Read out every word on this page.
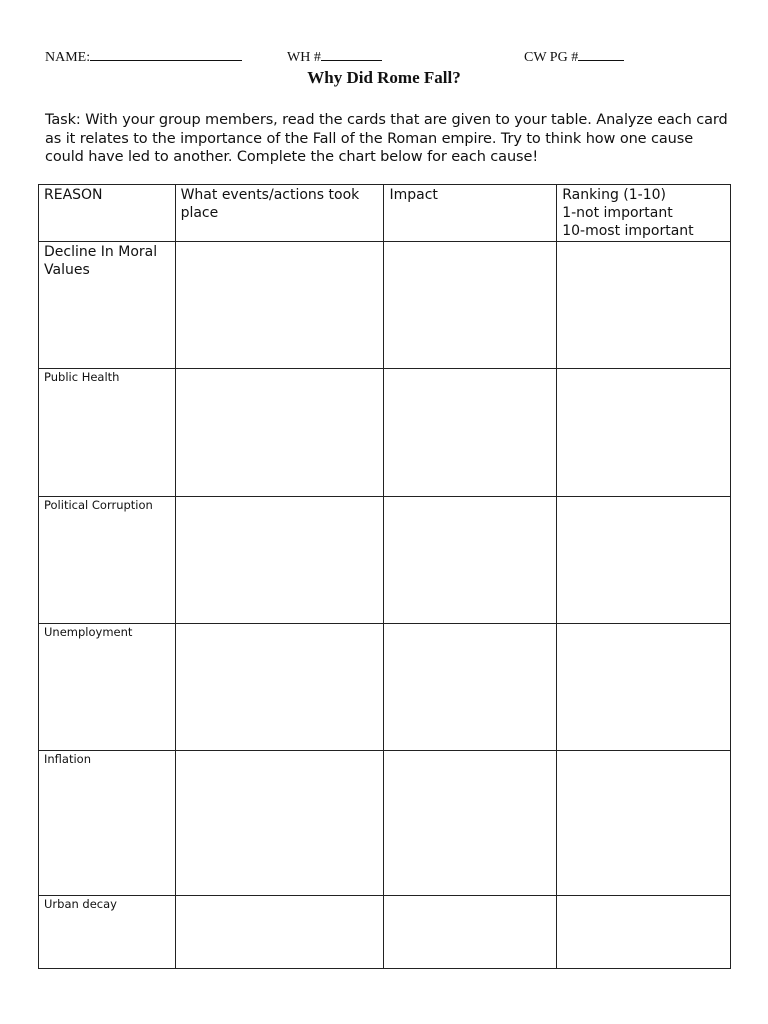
NAME:	WH #	CW PG #
Why Did Rome Fall?
Task: With your group members, read the cards that are given to your table. Analyze each card as it relates to the importance of the Fall of the Roman empire. Try to think how one cause could have led to another. Complete the chart below for each cause!
REASON	What events/actions took place	Impact	Ranking (1-10)
1-not important
10-most important

Decline In Moral Values			
Public Health			
Political Corruption			
Unemployment			
Inflation			
Urban decay			
